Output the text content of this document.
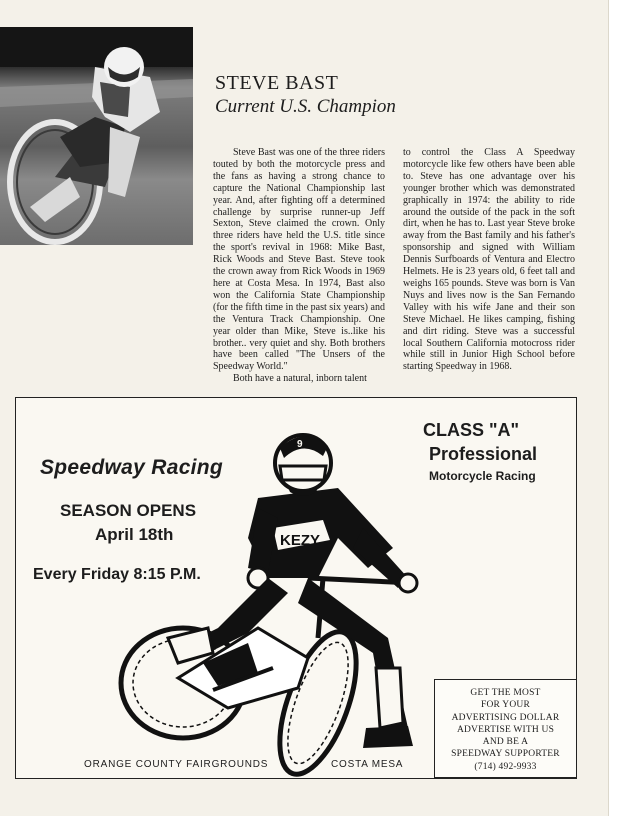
STEVE BAST
Current U.S. Champion

Steve Bast was one of the three riders touted by both the motorcycle press and the fans as having a strong chance to capture the National Championship last year. And, after fighting off a determined challenge by surprise runner-up Jeff Sexton, Steve claimed the crown. Only three riders have held the U.S. title since the sport's revival in 1968: Mike Bast, Rick Woods and Steve Bast. Steve took the crown away from Rick Woods in 1969 here at Costa Mesa. In 1974, Bast also won the California State Championship (for the fifth time in the past six years) and the Ventura Track Championship. One year older than Mike, Steve is..like his brother.. very quiet and shy. Both brothers have been called "The Unsers of the Speedway World."

Both have a natural, inborn talent

to control the Class A Speedway motorcycle like few others have been able to. Steve has one advantage over his younger brother which was demonstrated graphically in 1974: the ability to ride around the outside of the pack in the soft dirt, when he has to. Last year Steve broke away from the Bast family and his father's sponsorship and signed with William Dennis Surfboards of Ventura and Electro Helmets. He is 23 years old, 6 feet tall and weighs 165 pounds. Steve was born is Van Nuys and lives now is the San Fernando Valley with his wife Jane and their son Steve Michael. He likes camping, fishing and dirt riding. Steve was a successful local Southern California motocross rider while still in Junior High School before starting Speedway in 1968.

Speedway Racing
SEASON OPENS
April 18th
Every Friday 8:15 P.M.
CLASS "A"
Professional
Motorcycle Racing
KEZY
9
ORANGE COUNTY FAIRGROUNDS	COSTA MESA
GET THE MOST
FOR YOUR
ADVERTISING DOLLAR
ADVERTISE WITH US
AND BE A
SPEEDWAY SUPPORTER
(714) 492-9933
